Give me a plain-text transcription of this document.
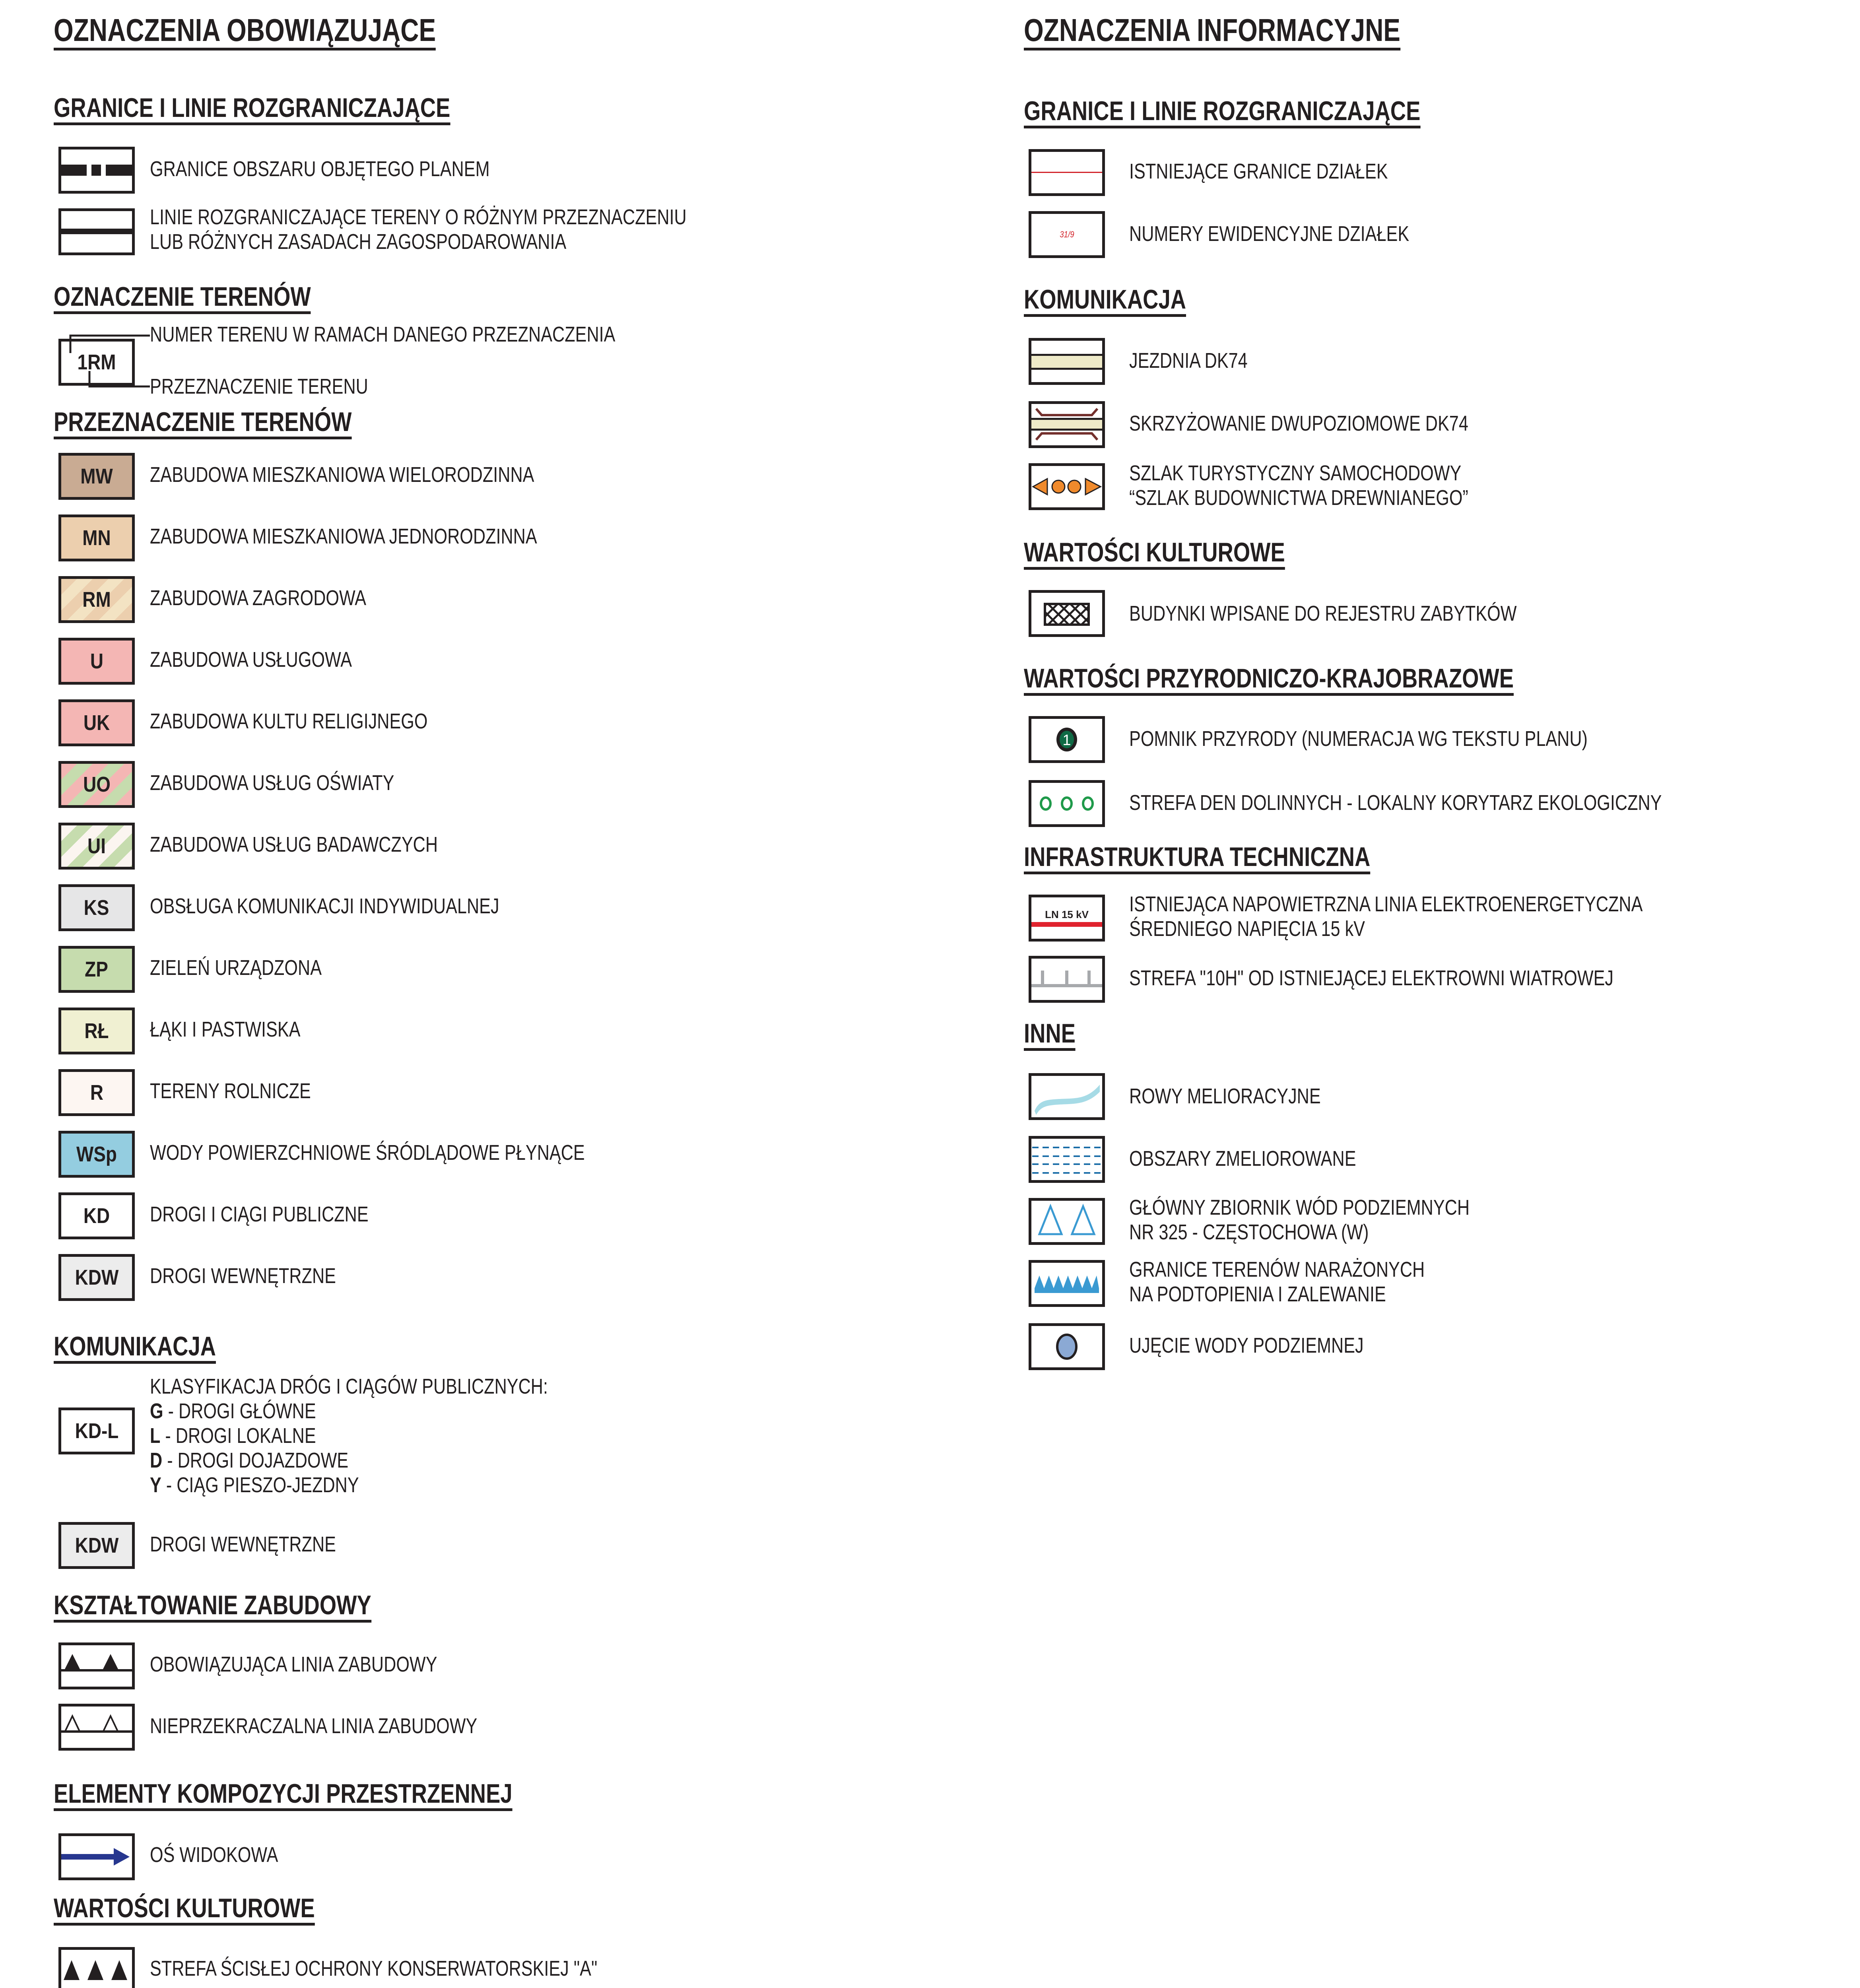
OZNACZENIA OBOWIĄZUJĄCE
GRANICE I LINIE ROZGRANICZAJĄCE
GRANICE OBSZARU OBJĘTEGO PLANEM
LINIE ROZGRANICZAJĄCE TERENY O RÓŻNYM PRZEZNACZENIU
LUB RÓŻNYCH ZASADACH ZAGOSPODAROWANIA
OZNACZENIE TERENÓW
1RM
NUMER TERENU W RAMACH DANEGO PRZEZNACZENIA
PRZEZNACZENIE TERENU
PRZEZNACZENIE TERENÓW
MW ZABUDOWA MIESZKANIOWA WIELORODZINNA
MN ZABUDOWA MIESZKANIOWA JEDNORODZINNA
RM ZABUDOWA ZAGRODOWA
U ZABUDOWA USŁUGOWA
UK ZABUDOWA KULTU RELIGIJNEGO
UO ZABUDOWA USŁUG OŚWIATY
UI ZABUDOWA USŁUG BADAWCZYCH
KS OBSŁUGA KOMUNIKACJI INDYWIDUALNEJ
ZP ZIELEŃ URZĄDZONA
RŁ ŁĄKI I PASTWISKA
R TERENY ROLNICZE
WSp WODY POWIERZCHNIOWE ŚRÓDLĄDOWE PŁYNĄCE
KD DROGI I CIĄGI PUBLICZNE
KDW DROGI WEWNĘTRZNE
KOMUNIKACJA
KD-L
KLASYFIKACJA DRÓG I CIĄGÓW PUBLICZNYCH:
G - DROGI GŁÓWNE
L - DROGI LOKALNE
D - DROGI DOJAZDOWE
Y - CIĄG PIESZO-JEZDNY
KDW DROGI WEWNĘTRZNE
KSZTAŁTOWANIE ZABUDOWY
OBOWIĄZUJĄCA LINIA ZABUDOWY
NIEPRZEKRACZALNA LINIA ZABUDOWY
ELEMENTY KOMPOZYCJI PRZESTRZENNEJ
OŚ WIDOKOWA
WARTOŚCI KULTUROWE
STREFA ŚCISŁEJ OCHRONY KONSERWATORSKIEJ "A"
OZNACZENIA INFORMACYJNE
GRANICE I LINIE ROZGRANICZAJĄCE
ISTNIEJĄCE GRANICE DZIAŁEK
31/9	NUMERY EWIDENCYJNE DZIAŁEK
KOMUNIKACJA
JEZDNIA DK74
SKRZYŻOWANIE DWUPOZIOMOWE DK74
SZLAK TURYSTYCZNY SAMOCHODOWY
“SZLAK BUDOWNICTWA DREWNIANEGO”
WARTOŚCI KULTUROWE
BUDYNKI WPISANE DO REJESTRU ZABYTKÓW
WARTOŚCI PRZYRODNICZO-KRAJOBRAZOWE
1	POMNIK PRZYRODY (NUMERACJA WG TEKSTU PLANU)
STREFA DEN DOLINNYCH - LOKALNY KORYTARZ EKOLOGICZNY
INFRASTRUKTURA TECHNICZNA
LN 15 kV ISTNIEJĄCA NAPOWIETRZNA LINIA ELEKTROENERGETYCZNA
ŚREDNIEGO NAPIĘCIA 15 kV
STREFA "10H" OD ISTNIEJĄCEJ ELEKTROWNI WIATROWEJ
INNE
ROWY MELIORACYJNE
OBSZARY ZMELIOROWANE
GŁÓWNY ZBIORNIK WÓD PODZIEMNYCH
NR 325 - CZĘSTOCHOWA (W)
GRANICE TERENÓW NARAŻONYCH
NA PODTOPIENIA I ZALEWANIE
UJĘCIE WODY PODZIEMNEJ
